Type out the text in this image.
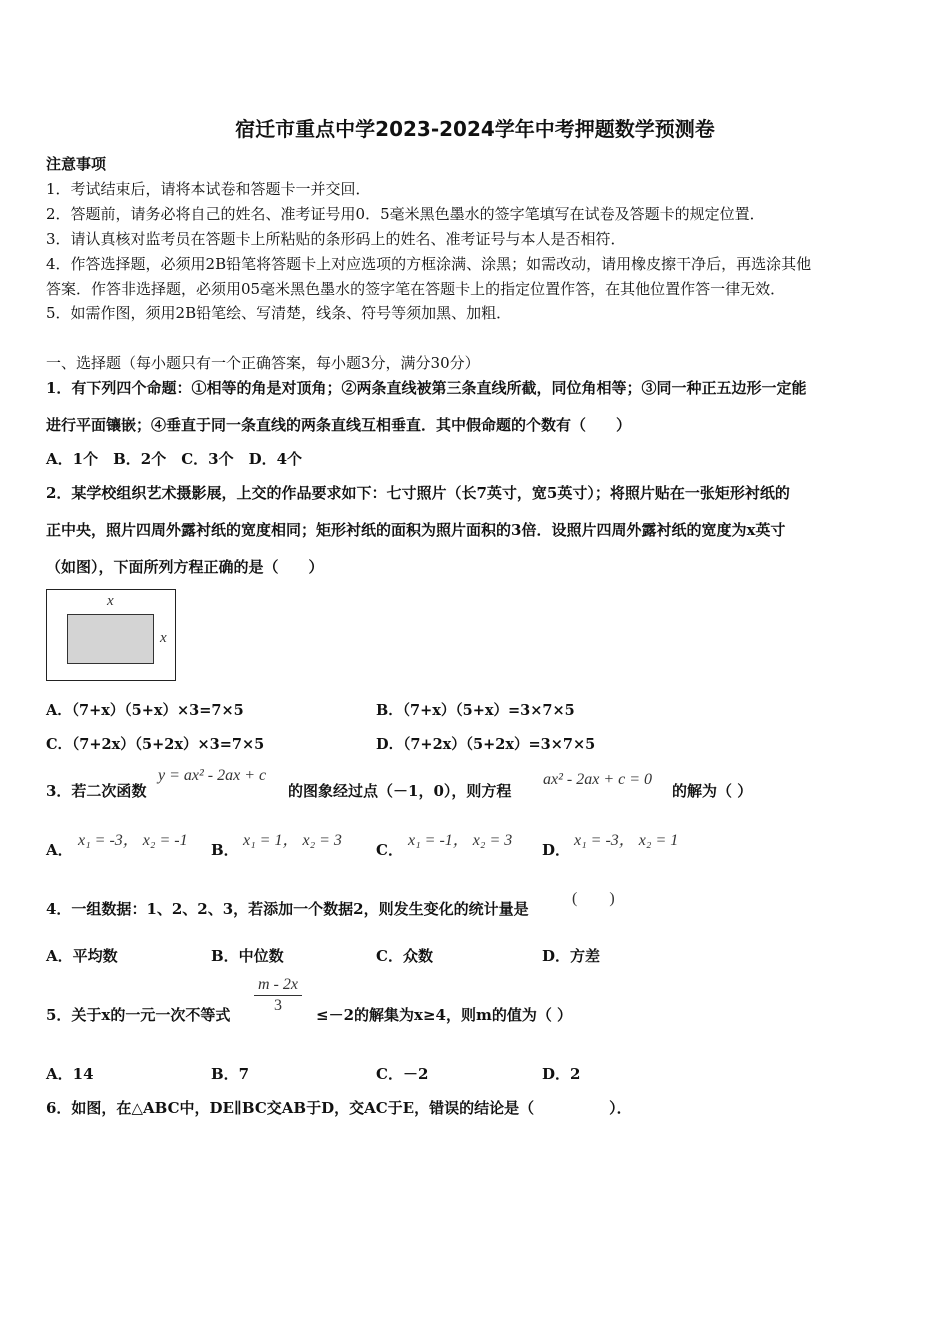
宿迁市重点中学2023-2024学年中考押题数学预测卷
注意事项
1．考试结束后，请将本试卷和答题卡一并交回．
2．答题前，请务必将自己的姓名、准考证号用0．5毫米黑色墨水的签字笔填写在试卷及答题卡的规定位置．
3．请认真核对监考员在答题卡上所粘贴的条形码上的姓名、准考证号与本人是否相符．
4．作答选择题，必须用2B铅笔将答题卡上对应选项的方框涂满、涂黑；如需改动，请用橡皮擦干净后，再选涂其他
答案．作答非选择题，必须用05毫米黑色墨水的签字笔在答题卡上的指定位置作答，在其他位置作答一律无效．
5．如需作图，须用2B铅笔绘、写清楚，线条、符号等须加黑、加粗．
一、选择题（每小题只有一个正确答案，每小题3分，满分30分）
1．有下列四个命题：①相等的角是对顶角；②两条直线被第三条直线所截，同位角相等；③同一种正五边形一定能
进行平面镶嵌；④垂直于同一条直线的两条直线互相垂直．其中假命题的个数有（　　）
A．1个　B．2个　C．3个　D．4个
2．某学校组织艺术摄影展，上交的作品要求如下：七寸照片（长7英寸，宽5英寸）；将照片贴在一张矩形衬纸的
正中央，照片四周外露衬纸的宽度相同；矩形衬纸的面积为照片面积的3倍．设照片四周外露衬纸的宽度为x英寸
（如图），下面所列方程正确的是（　　）
x
x
A．（7+x）（5+x）×3=7×5	B．（7+x）（5+x）=3×7×5
C．（7+2x）（5+2x）×3=7×5	D．（7+2x）（5+2x）=3×7×5
3．若二次函数
y = ax² - 2ax + c
的图象经过点（－1，0），则方程
ax² - 2ax + c = 0
的解为（ ）
A．
x₁ = -3， x₂ = -1
B．
x₁ = 1， x₂ = 3
C．
x₁ = -1， x₂ = 3
D．
x₁ = -3， x₂ = 1
4．一组数据：1、2、2、3，若添加一个数据2，则发生变化的统计量是
(　　)
A．平均数	B．中位数	C．众数	D．方差
5．关于x的一元一次不等式 $\frac{m - 2x}{3} \le-2$的解集为x≥4，则m的值为（ ）
A．14	B．7	C．－2	D．2
6．如图，在△ABC中，DE∥BC交AB于D，交AC于E，错误的结论是（　　　　　）．
